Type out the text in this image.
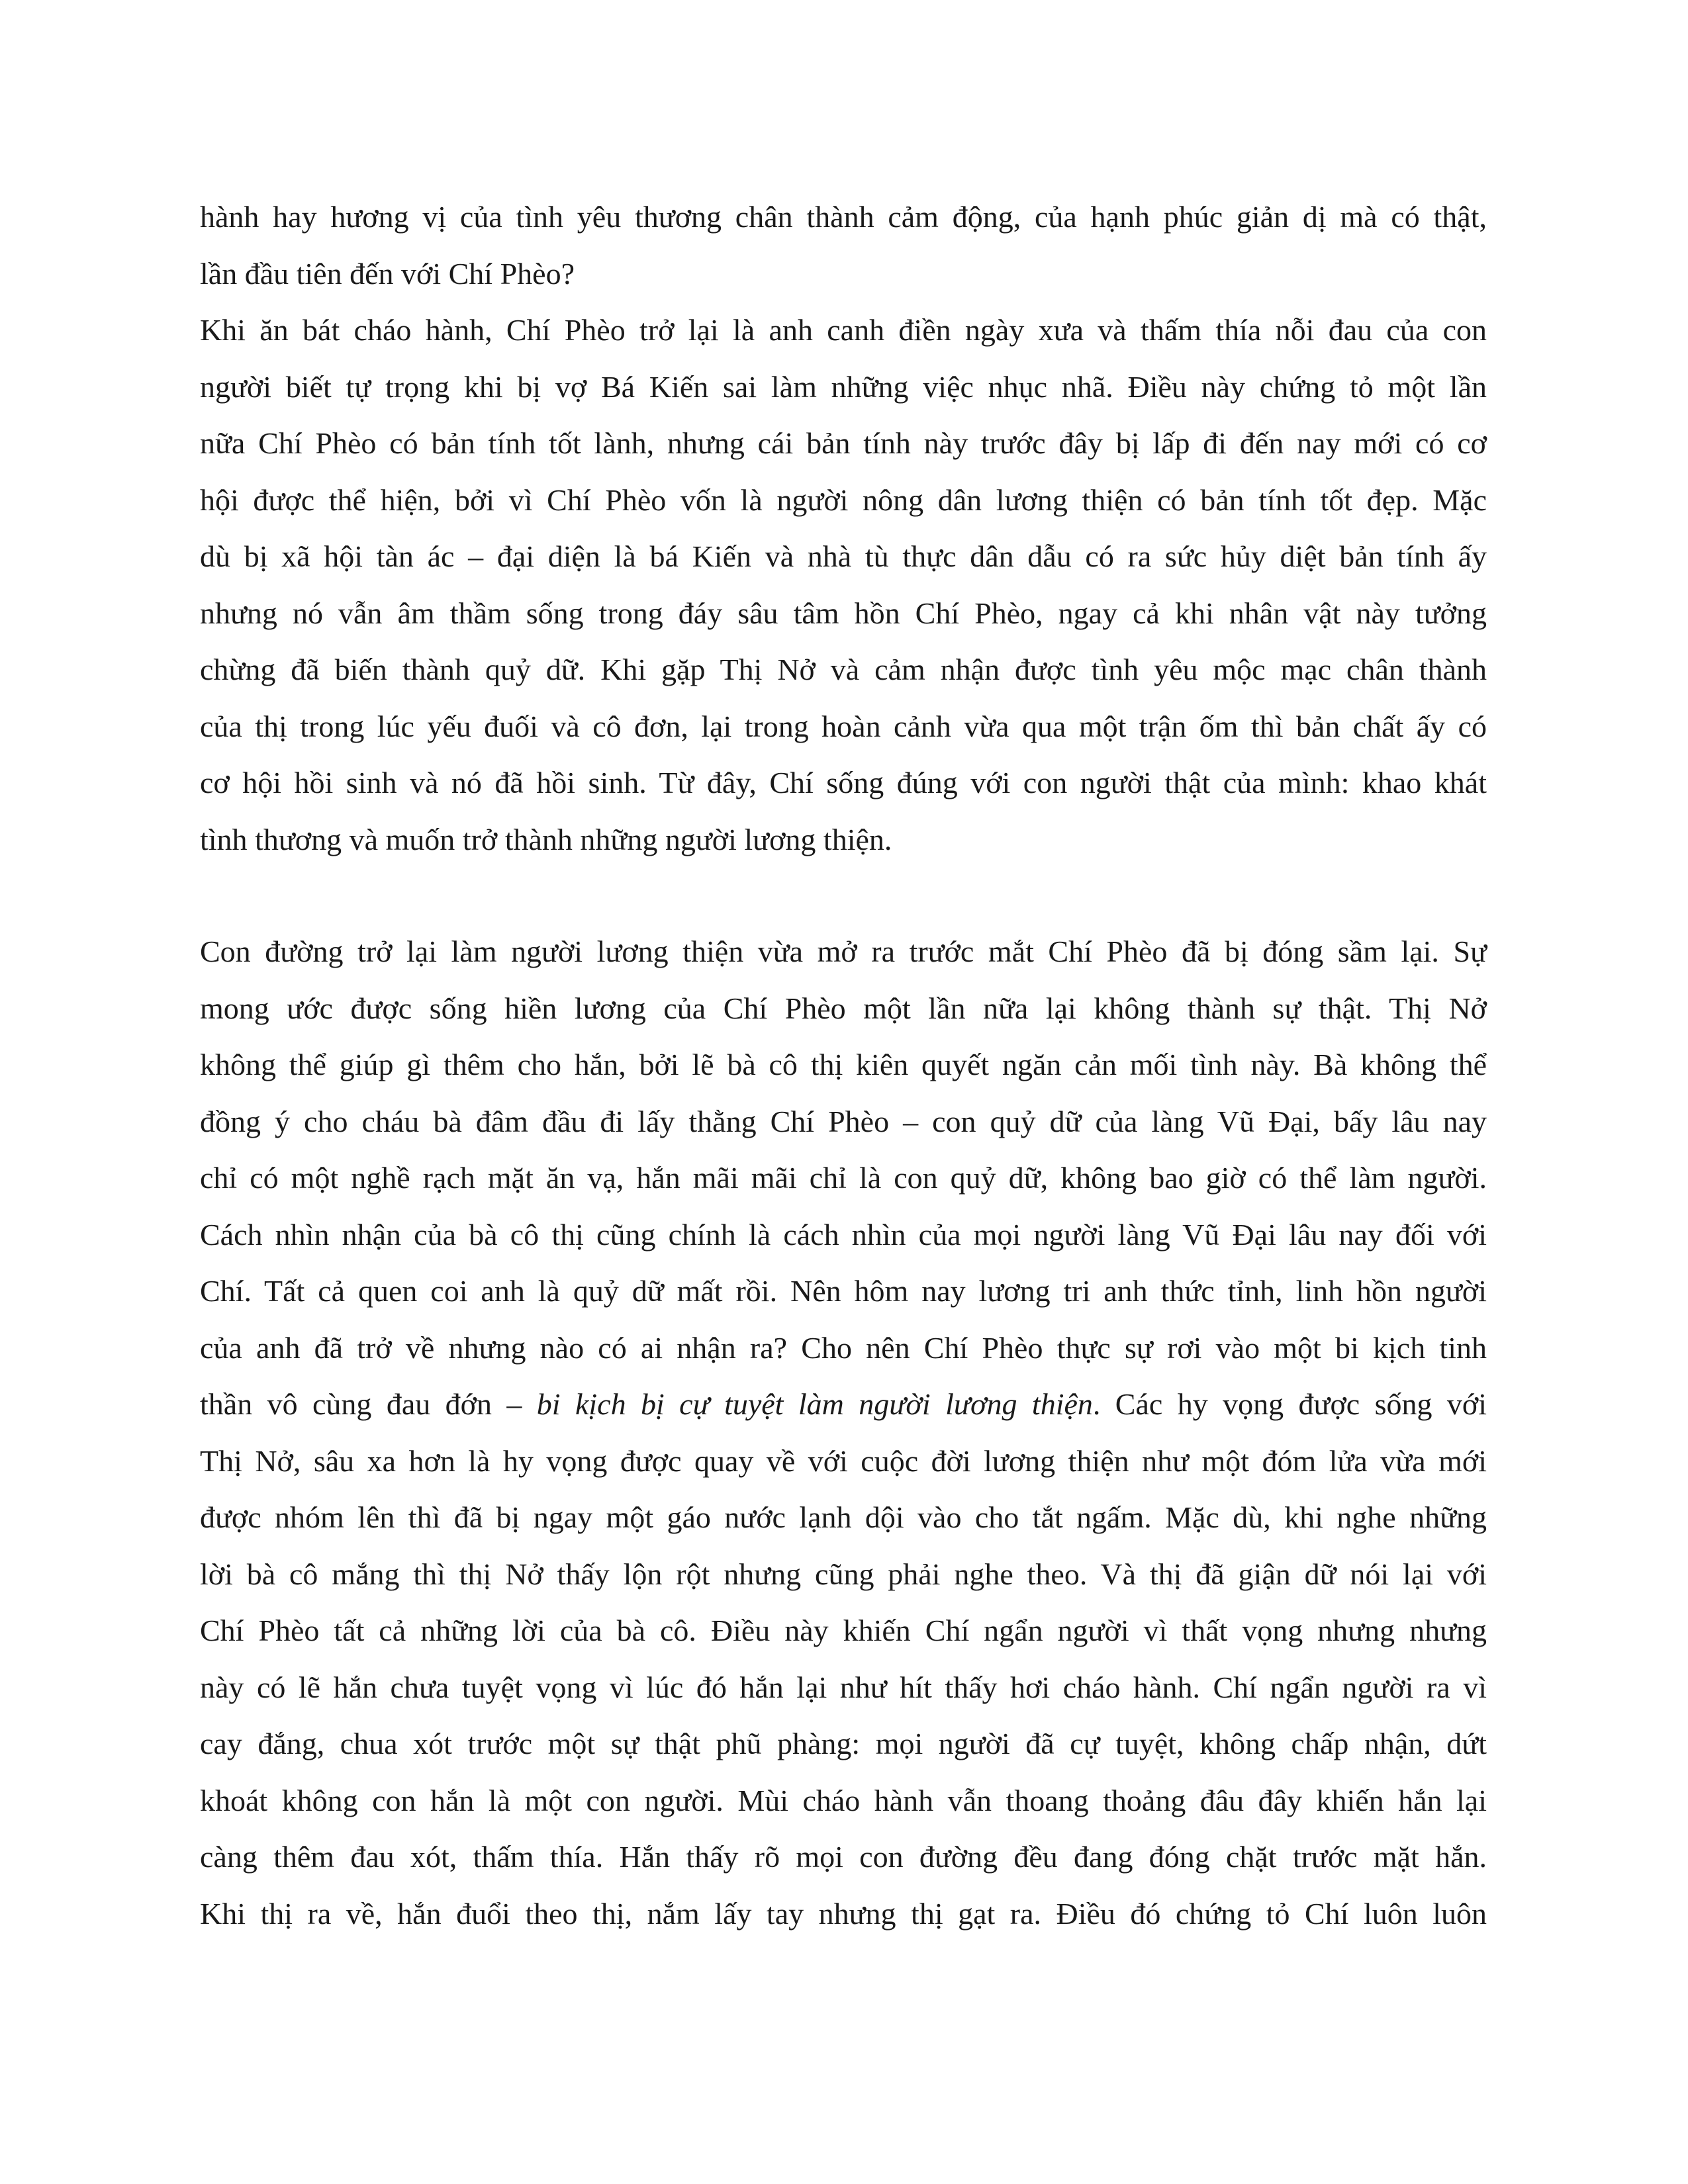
hành hay hương vị của tình yêu thương chân thành cảm động, của hạnh phúc giản dị mà có thật,
lần đầu tiên đến với Chí Phèo?
Khi ăn bát cháo hành, Chí Phèo trở lại là anh canh điền ngày xưa và thấm thía nỗi đau của con
người biết tự trọng khi bị vợ Bá Kiến sai làm những việc nhục nhã. Điều này chứng tỏ một lần
nữa Chí Phèo có bản tính tốt lành, nhưng cái bản tính này trước đây bị lấp đi đến nay mới có cơ
hội được thể hiện, bởi vì Chí Phèo vốn là người nông dân lương thiện có bản tính tốt đẹp. Mặc
dù bị xã hội tàn ác – đại diện là bá Kiến và nhà tù thực dân dẫu có ra sức hủy diệt bản tính ấy
nhưng nó vẫn âm thầm sống trong đáy sâu tâm hồn Chí Phèo, ngay cả khi nhân vật này tưởng
chừng đã biến thành quỷ dữ. Khi gặp Thị Nở và cảm nhận được tình yêu mộc mạc chân thành
của thị trong lúc yếu đuối và cô đơn, lại trong hoàn cảnh vừa qua một trận ốm thì bản chất ấy có
cơ hội hồi sinh và nó đã hồi sinh. Từ đây, Chí sống đúng với con người thật của mình: khao khát
tình thương và muốn trở thành những người lương thiện.
Con đường trở lại làm người lương thiện vừa mở ra trước mắt Chí Phèo đã bị đóng sầm lại. Sự
mong ước được sống hiền lương của Chí Phèo một lần nữa lại không thành sự thật. Thị Nở
không thể giúp gì thêm cho hắn, bởi lẽ bà cô thị kiên quyết ngăn cản mối tình này. Bà không thể
đồng ý cho cháu bà đâm đầu đi lấy thằng Chí Phèo – con quỷ dữ của làng Vũ Đại, bấy lâu nay
chỉ có một nghề rạch mặt ăn vạ, hắn mãi mãi chỉ là con quỷ dữ, không bao giờ có thể làm người.
Cách nhìn nhận của bà cô thị cũng chính là cách nhìn của mọi người làng Vũ Đại lâu nay đối với
Chí. Tất cả quen coi anh là quỷ dữ mất rồi. Nên hôm nay lương tri anh thức tỉnh, linh hồn người
của anh đã trở về nhưng nào có ai nhận ra? Cho nên Chí Phèo thực sự rơi vào một bi kịch tinh
thần vô cùng đau đớn – bi kịch bị cự tuyệt làm người lương thiện. Các hy vọng được sống với
Thị Nở, sâu xa hơn là hy vọng được quay về với cuộc đời lương thiện như một đóm lửa vừa mới
được nhóm lên thì đã bị ngay một gáo nước lạnh dội vào cho tắt ngấm. Mặc dù, khi nghe những
lời bà cô mắng thì thị Nở thấy lộn rột nhưng cũng phải nghe theo. Và thị đã giận dữ nói lại với
Chí Phèo tất cả những lời của bà cô. Điều này khiến Chí ngẩn người vì thất vọng nhưng nhưng
này có lẽ hắn chưa tuyệt vọng vì lúc đó hắn lại như hít thấy hơi cháo hành. Chí ngẩn người ra vì
cay đắng, chua xót trước một sự thật phũ phàng: mọi người đã cự tuyệt, không chấp nhận, dứt
khoát không con hắn là một con người. Mùi cháo hành vẫn thoang thoảng đâu đây khiến hắn lại
càng thêm đau xót, thấm thía. Hắn thấy rõ mọi con đường đều đang đóng chặt trước mặt hắn.
Khi thị ra về, hắn đuổi theo thị, nắm lấy tay nhưng thị gạt ra. Điều đó chứng tỏ Chí luôn luôn
